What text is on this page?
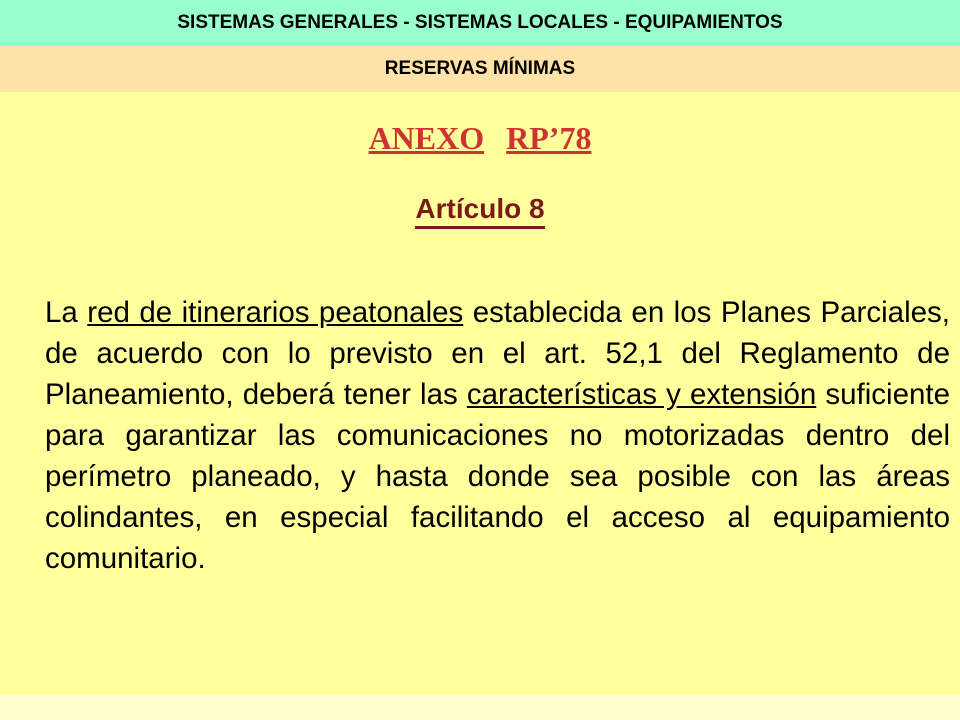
SISTEMAS GENERALES - SISTEMAS LOCALES - EQUIPAMIENTOS
RESERVAS MÍNIMAS
ANEXO RP’78
Artículo 8

La red de itinerarios peatonales establecida en los Planes Parciales, de acuerdo con lo previsto en el art. 52,1 del Reglamento de Planeamiento, deberá tener las características y extensión suficiente para garantizar las comunicaciones no motorizadas dentro del perímetro planeado, y hasta donde sea posible con las áreas colindantes, en especial facilitando el acceso al equipamiento comunitario.
